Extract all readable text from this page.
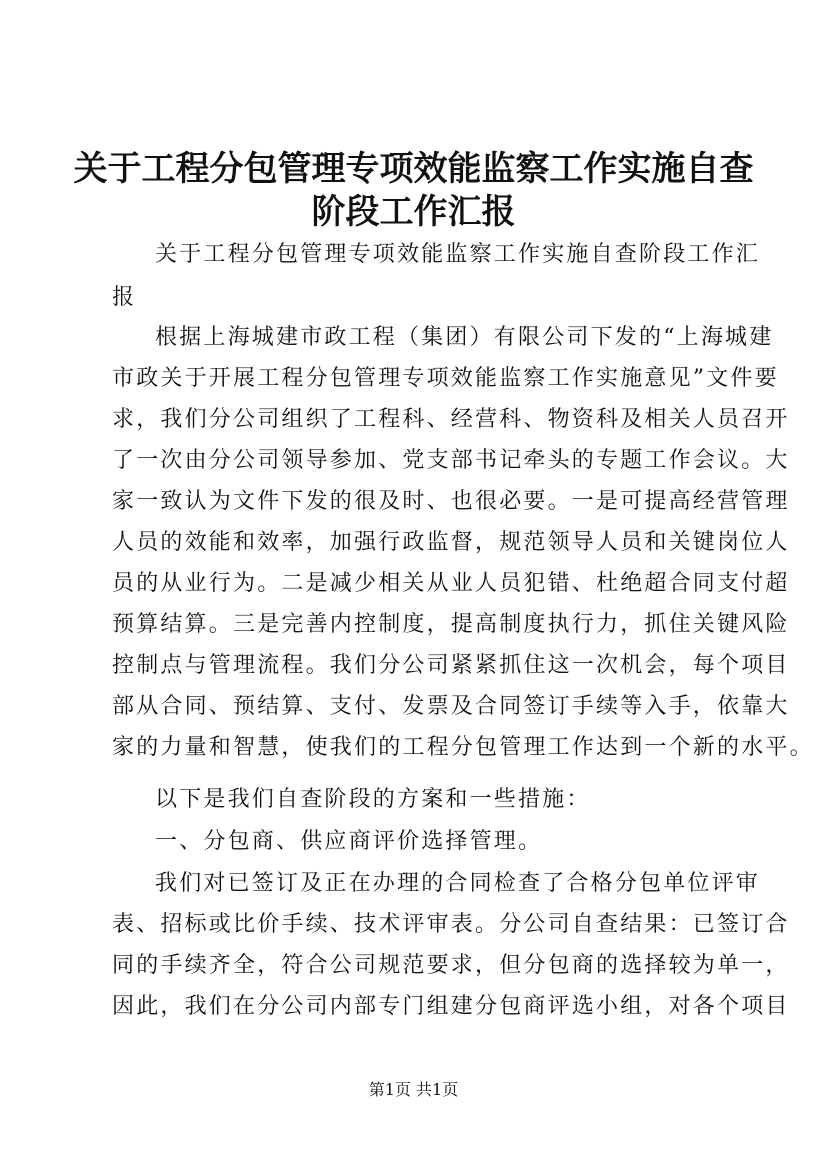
关于工程分包管理专项效能监察工作实施自查
阶段工作汇报
关于工程分包管理专项效能监察工作实施自查阶段工作汇
报
根据上海城建市政工程（集团）有限公司下发的“上海城建
市政关于开展工程分包管理专项效能监察工作实施意见”文件要
求，我们分公司组织了工程科、经营科、物资科及相关人员召开
了一次由分公司领导参加、党支部书记牵头的专题工作会议。大
家一致认为文件下发的很及时、也很必要。一是可提高经营管理
人员的效能和效率，加强行政监督，规范领导人员和关键岗位人
员的从业行为。二是减少相关从业人员犯错、杜绝超合同支付超
预算结算。三是完善内控制度，提高制度执行力，抓住关键风险
控制点与管理流程。我们分公司紧紧抓住这一次机会，每个项目
部从合同、预结算、支付、发票及合同签订手续等入手，依靠大
家的力量和智慧，使我们的工程分包管理工作达到一个新的水平。
以下是我们自查阶段的方案和一些措施：
一、分包商、供应商评价选择管理。
我们对已签订及正在办理的合同检查了合格分包单位评审
表、招标或比价手续、技术评审表。分公司自查结果：已签订合
同的手续齐全，符合公司规范要求，但分包商的选择较为单一，
因此，我们在分公司内部专门组建分包商评选小组，对各个项目
第1页 共1页
